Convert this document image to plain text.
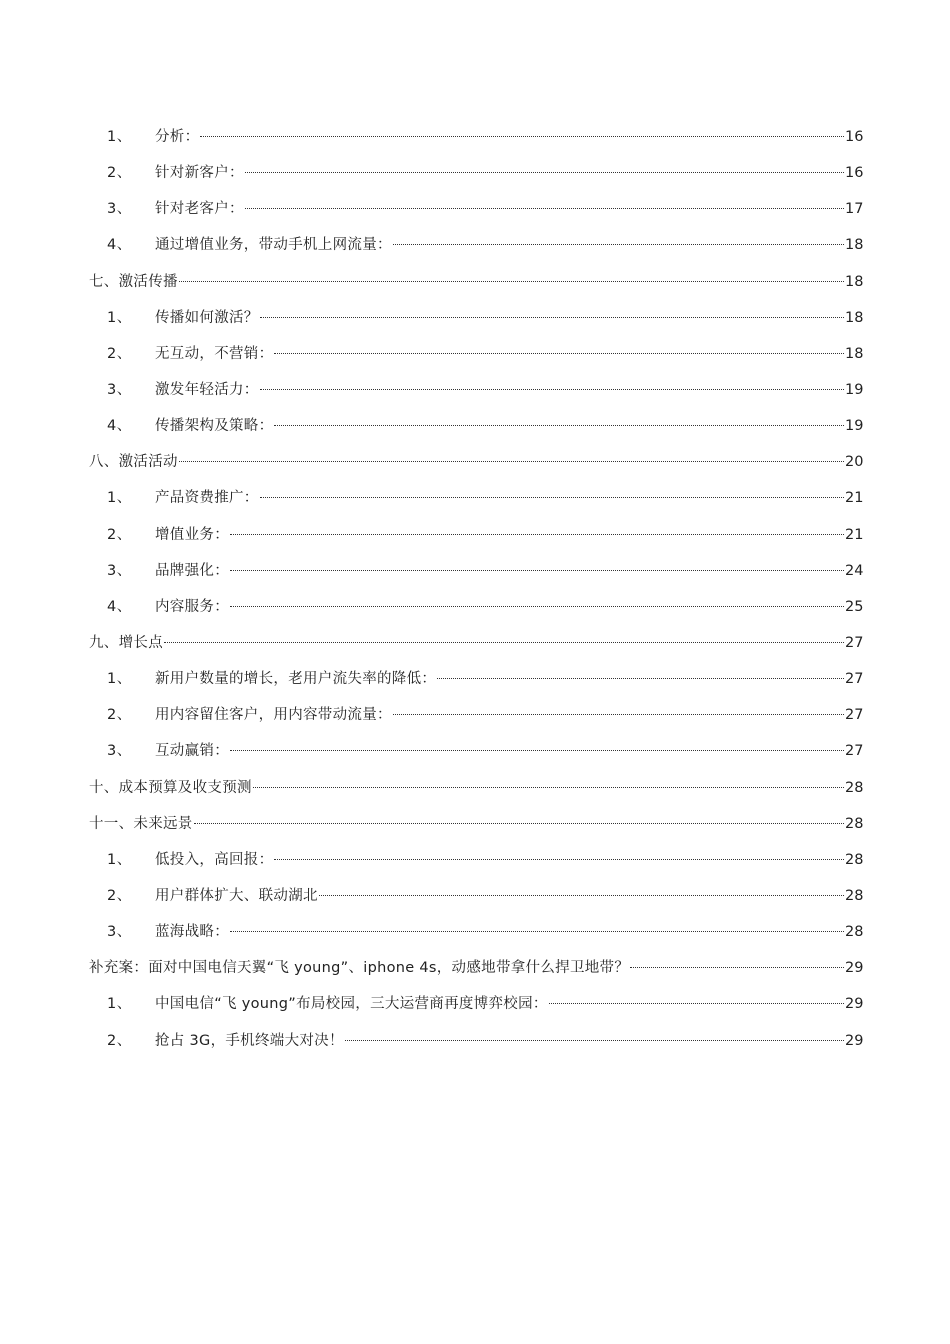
1、	分析：	16
2、	针对新客户：	16
3、	针对老客户：	17
4、	通过增值业务，带动手机上网流量：	18
七、激活传播	18
1、	传播如何激活？	18
2、	无互动，不营销：	18
3、	激发年轻活力：	19
4、	传播架构及策略：	19
八、激活活动	20
1、	产品资费推广：	21
2、	增值业务：	21
3、	品牌强化：	24
4、	内容服务：	25
九、增长点	27
1、	新用户数量的增长，老用户流失率的降低：	27
2、	用内容留住客户，用内容带动流量：	27
3、	互动赢销：	27
十、成本预算及收支预测	28
十一、未来远景	28
1、	低投入，高回报：	28
2、	用户群体扩大、联动湖北	28
3、	蓝海战略：	28
补充案：面对中国电信天翼“飞 young”、iphone 4s，动感地带拿什么捍卫地带？	29
1、	中国电信“飞 young”布局校园，三大运营商再度博弈校园：	29
2、	抢占 3G，手机终端大对决！	29
